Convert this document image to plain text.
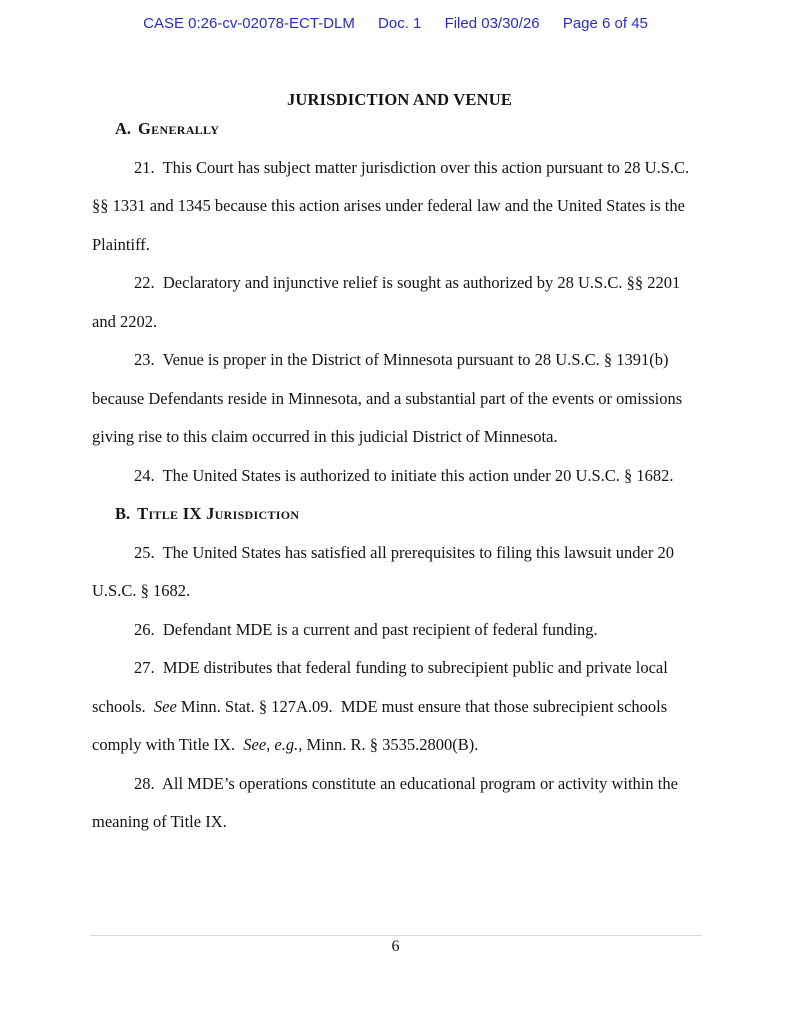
CASE 0:26-cv-02078-ECT-DLM Doc. 1 Filed 03/30/26 Page 6 of 45
JURISDICTION AND VENUE
A. Generally

21.  This Court has subject matter jurisdiction over this action pursuant to 28 U.S.C. §§ 1331 and 1345 because this action arises under federal law and the United States is the Plaintiff.

22.  Declaratory and injunctive relief is sought as authorized by 28 U.S.C. §§ 2201 and 2202.

23.  Venue is proper in the District of Minnesota pursuant to 28 U.S.C. § 1391(b) because Defendants reside in Minnesota, and a substantial part of the events or omissions giving rise to this claim occurred in this judicial District of Minnesota.

24.  The United States is authorized to initiate this action under 20 U.S.C. § 1682.

B. Title IX Jurisdiction

25.  The United States has satisfied all prerequisites to filing this lawsuit under 20 U.S.C. § 1682.

26.  Defendant MDE is a current and past recipient of federal funding.

27.  MDE distributes that federal funding to subrecipient public and private local schools.  See Minn. Stat. § 127A.09.  MDE must ensure that those subrecipient schools comply with Title IX.  See, e.g., Minn. R. § 3535.2800(B).

28.  All MDE’s operations constitute an educational program or activity within the meaning of Title IX.

6
